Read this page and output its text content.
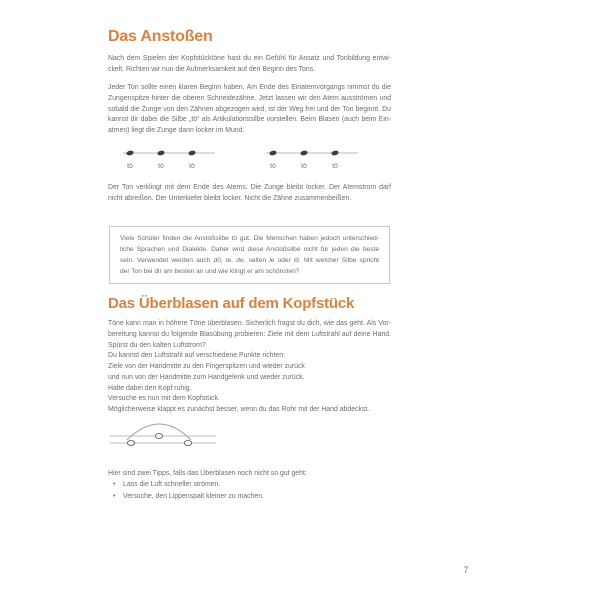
Das Anstoßen
Nach dem Spielen der Kopfstücktöne hast du ein Gefühl für Ansatz und Tonbildung entwi-
ckelt. Richten wir nun die Aufmerksamkeit auf den Beginn des Tons.
Jeder Ton sollte einen klaren Beginn haben. Am Ende des Einatemvorgangs nimmst du die
Zungenspitze hinter die oberen Schneidezähne. Jetzt lassen wir den Atem ausströmen und
sobald die Zunge von den Zähnen abgezogen wird, ist der Weg frei und der Ton beginnt. Du
kannst dir dabei die Silbe „tö“ als Artikulationssilbe vorstellen. Beim Blasen (auch beim Ein-
atmen) liegt die Zunge dann locker im Mund.
tö	tö	tö	tö	tö	tö
Der Ton verklingt mit dem Ende des Atems. Die Zunge bleibt locker. Der Atemstrom darf
nicht abreißen. Der Unterkiefer bleibt locker. Nicht die Zähne zusammenbeißen.
Viele Schüler finden die Anstoßsilbe tö gut. Die Menschen haben jedoch unterschied-
liche Sprachen und Dialekte. Daher wird diese Anstoßsilbe nicht für jeden die beste
sein. Verwendet werden auch dö, te, de, selten le oder lö. Mit welcher Silbe spricht
der Ton bei dir am besten an und wie klingt er am schönsten?
Das Überblasen auf dem Kopfstück
Töne kann man in höhere Töne überblasen. Sicherlich fragst du dich, wie das geht. Als Vor-
bereitung kannst du folgende Blasübung probieren: Ziele mit dem Luftstrahl auf deine Hand.
Spürst du den kalten Luftstrom?
Du kannst den Luftstrahl auf verschiedene Punkte richten:
Ziele von der Handmitte zu den Fingerspitzen und wieder zurück
und nun von der Handmitte zum Handgelenk und wieder zurück.
Halte dabei den Kopf ruhig.
Versuche es nun mit dem Kopfstück.
Möglicherweise klappt es zunächst besser, wenn du das Rohr mit der Hand abdeckst.
Hier sind zwei Tipps, falls das Überblasen noch nicht so gut geht:
•	Lass die Luft schneller strömen.
•	Versuche, den Lippenspalt kleiner zu machen.
7
